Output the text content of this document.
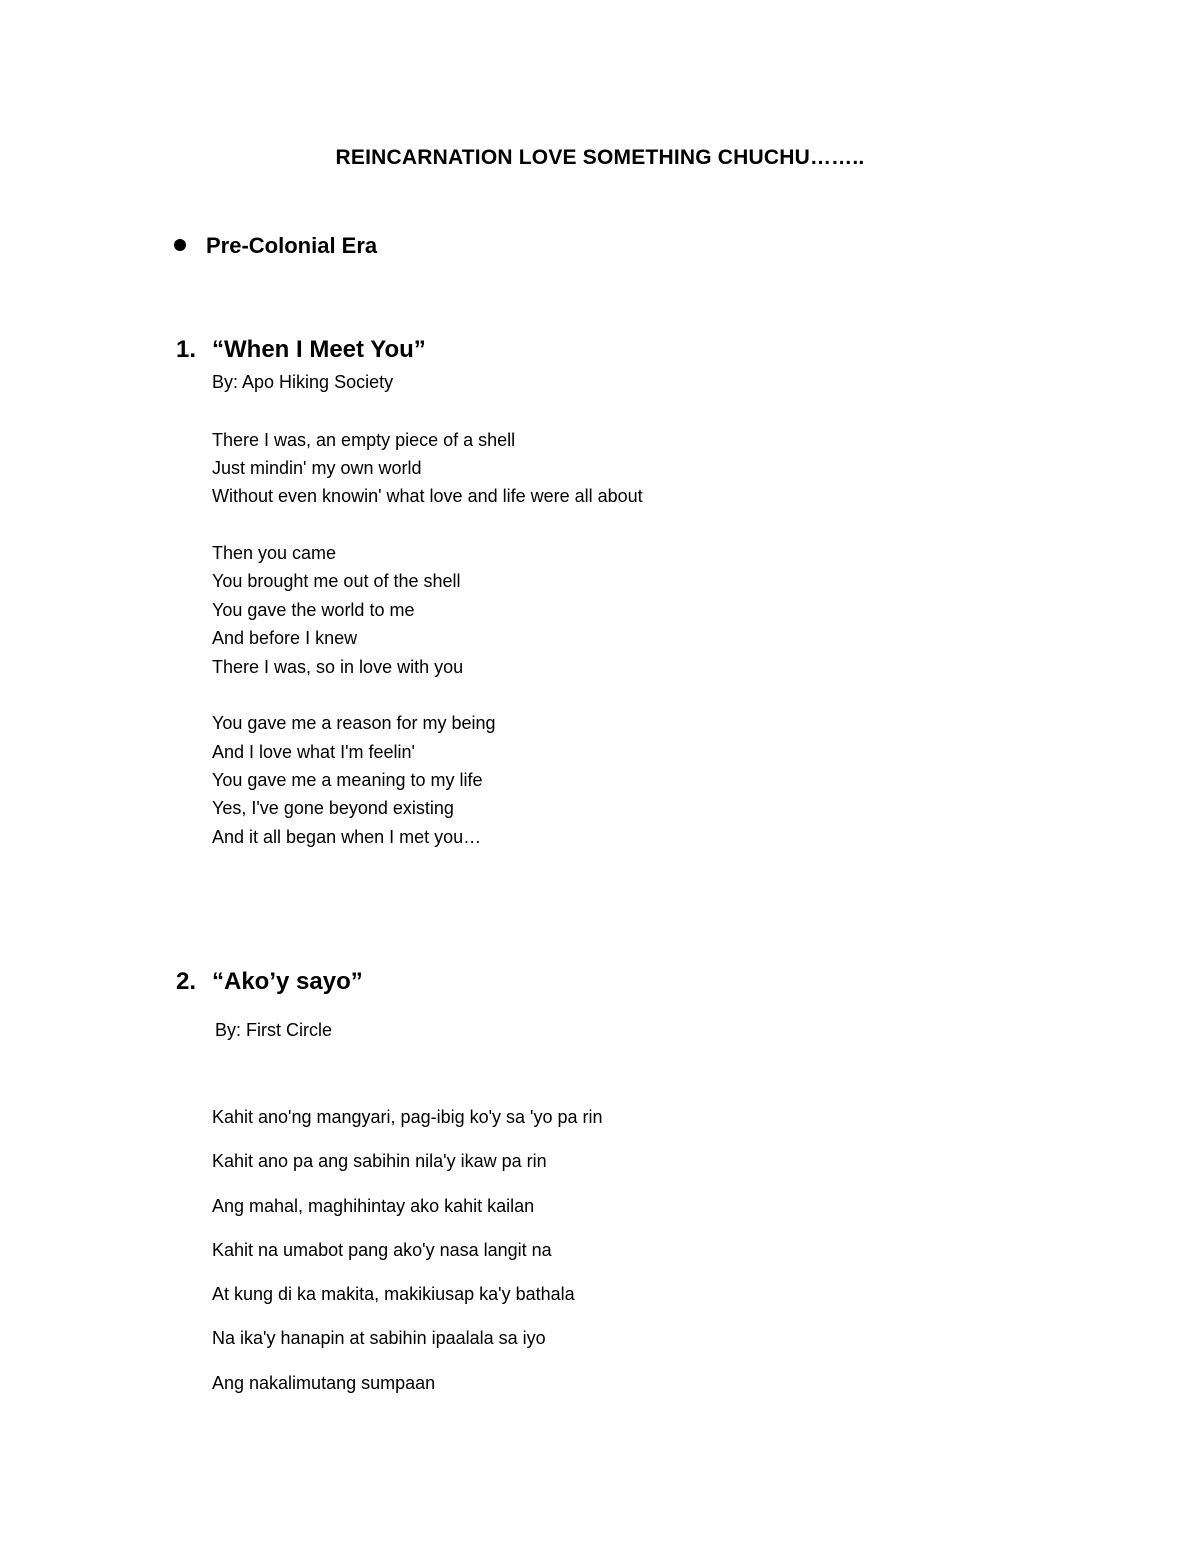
REINCARNATION LOVE SOMETHING CHUCHU……..
Pre-Colonial Era
1. “When I Meet You”
By: Apo Hiking Society
There I was, an empty piece of a shell
Just mindin' my own world
Without even knowin' what love and life were all about
Then you came
You brought me out of the shell
You gave the world to me
And before I knew
There I was, so in love with you
You gave me a reason for my being
And I love what I'm feelin'
You gave me a meaning to my life
Yes, I've gone beyond existing
And it all began when I met you…
2. “Ako’y sayo”
By: First Circle
Kahit ano'ng mangyari, pag-ibig ko'y sa 'yo pa rin
Kahit ano pa ang sabihin nila'y ikaw pa rin
Ang mahal, maghihintay ako kahit kailan
Kahit na umabot pang ako'y nasa langit na
At kung di ka makita, makikiusap ka'y bathala
Na ika'y hanapin at sabihin ipaalala sa iyo
Ang nakalimutang sumpaan
